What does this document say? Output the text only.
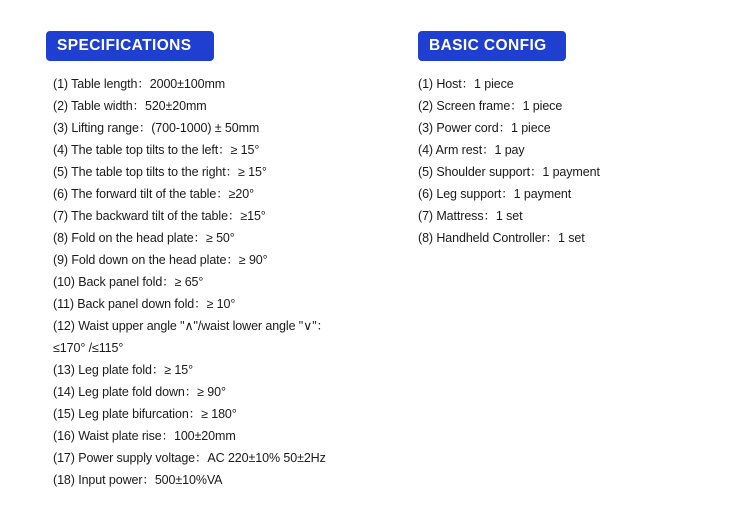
SPECIFICATIONS	BASIC CONFIG
(1) Table length：2000±100mm
(2) Table width：520±20mm
(3) Lifting range：(700-1000) ± 50mm
(4) The table top tilts to the left：≥ 15°
(5) The table top tilts to the right：≥ 15°
(6) The forward tilt of the table：≥20°
(7) The backward tilt of the table：≥15°
(8) Fold on the head plate：≥ 50°
(9) Fold down on the head plate：≥ 90°
(10) Back panel fold：≥ 65°
(11) Back panel down fold：≥ 10°
(12) Waist upper angle "∧"/waist lower angle "∨"：
≤170° /≤115°
(13) Leg plate fold：≥ 15°
(14) Leg plate fold down：≥ 90°
(15) Leg plate bifurcation：≥ 180°
(16) Waist plate rise：100±20mm
(17) Power supply voltage：AC 220±10% 50±2Hz
(18) Input power：500±10%VA
(1) Host：1 piece
(2) Screen frame：1 piece
(3) Power cord：1 piece
(4) Arm rest：1 pay
(5) Shoulder support：1 payment
(6) Leg support：1 payment
(7) Mattress：1 set
(8) Handheld Controller：1 set
